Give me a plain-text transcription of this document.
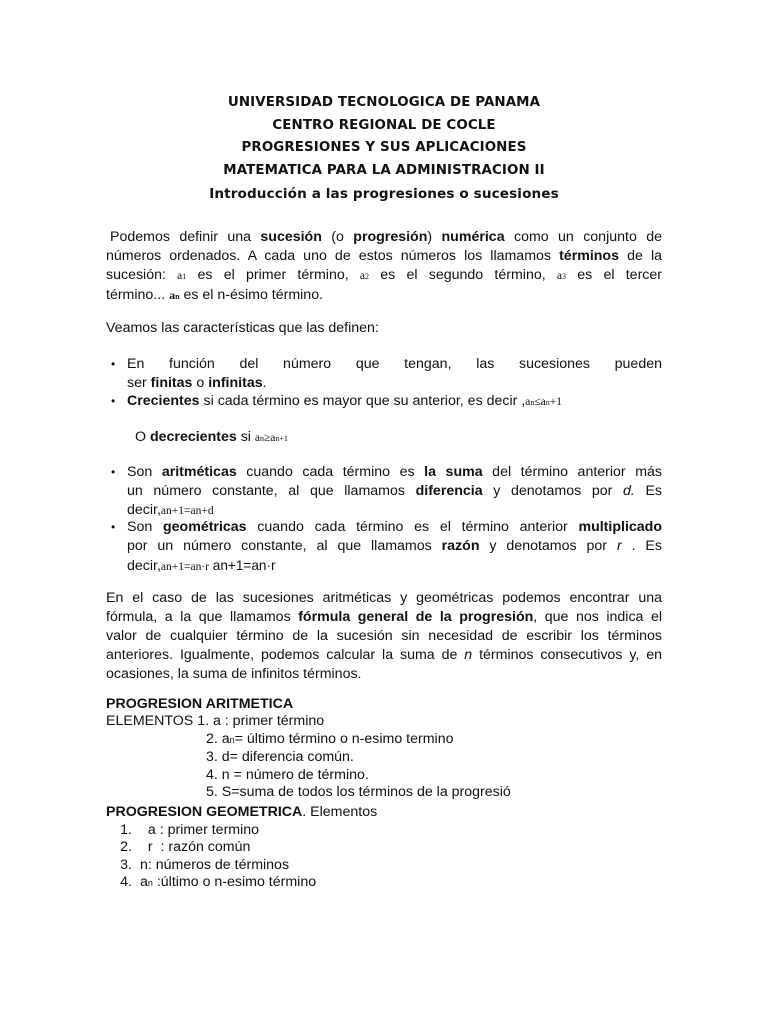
UNIVERSIDAD TECNOLOGICA DE PANAMA
CENTRO REGIONAL DE COCLE
PROGRESIONES Y SUS APLICACIONES
MATEMATICA PARA LA ADMINISTRACION II
Introducción a las progresiones o sucesiones
Podemos definir una sucesión (o progresión) numérica como un conjunto de
números ordenados. A cada uno de estos números los llamamos términos de la
sucesión: a1 es el primer término, a2 es el segundo término, a3 es el tercer
término... an es el n-ésimo término.
Veamos las características que las definen:
• En función del número que tengan, las sucesiones pueden
ser finitas o infinitas.
• Crecientes si cada término es mayor que su anterior, es decir ,an≤an+1
O decrecientes si an≥an+1
• Son aritméticas cuando cada término es la suma del término anterior más
un número constante, al que llamamos diferencia y denotamos por d. Es
decir,an+1=an+d
• Son geométricas cuando cada término es el término anterior multiplicado
por un número constante, al que llamamos razón y denotamos por r . Es
decir,an+1=an·r an+1=an·r
En el caso de las sucesiones aritméticas y geométricas podemos encontrar una
fórmula, a la que llamamos fórmula general de la progresión, que nos indica el
valor de cualquier término de la sucesión sin necesidad de escribir los términos
anteriores. Igualmente, podemos calcular la suma de n términos consecutivos y, en
ocasiones, la suma de infinitos términos.
PROGRESION ARITMETICA
ELEMENTOS 1. a : primer término
2. an= último término o n-esimo termino
3. d= diferencia común.
4. n = número de término.
5. S=suma de todos los términos de la progresió
PROGRESION GEOMETRICA. Elementos
1.  a : primer termino
2.  r  : razón común
3. n: números de términos
4. an :último o n-esimo término
